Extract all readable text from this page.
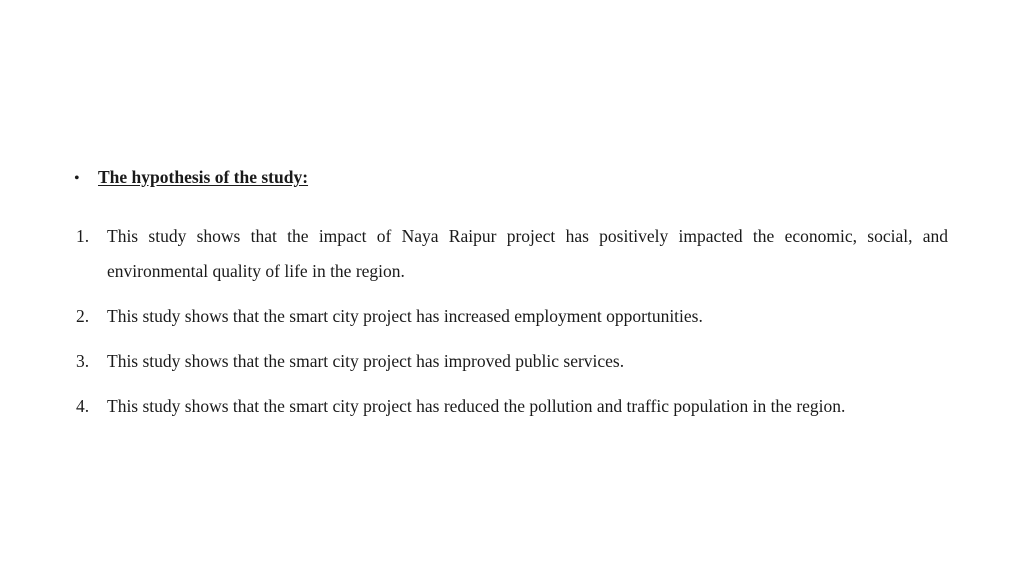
•	The hypothesis of the study:
1.	This study shows that the impact of Naya Raipur project has positively impacted the economic, social, and environmental quality of life in the region.
2.	This study shows that the smart city project has increased employment opportunities.
3.	This study shows that the smart city project has improved public services.
4.	This study shows that the smart city project has reduced the pollution and traffic population in the region.
